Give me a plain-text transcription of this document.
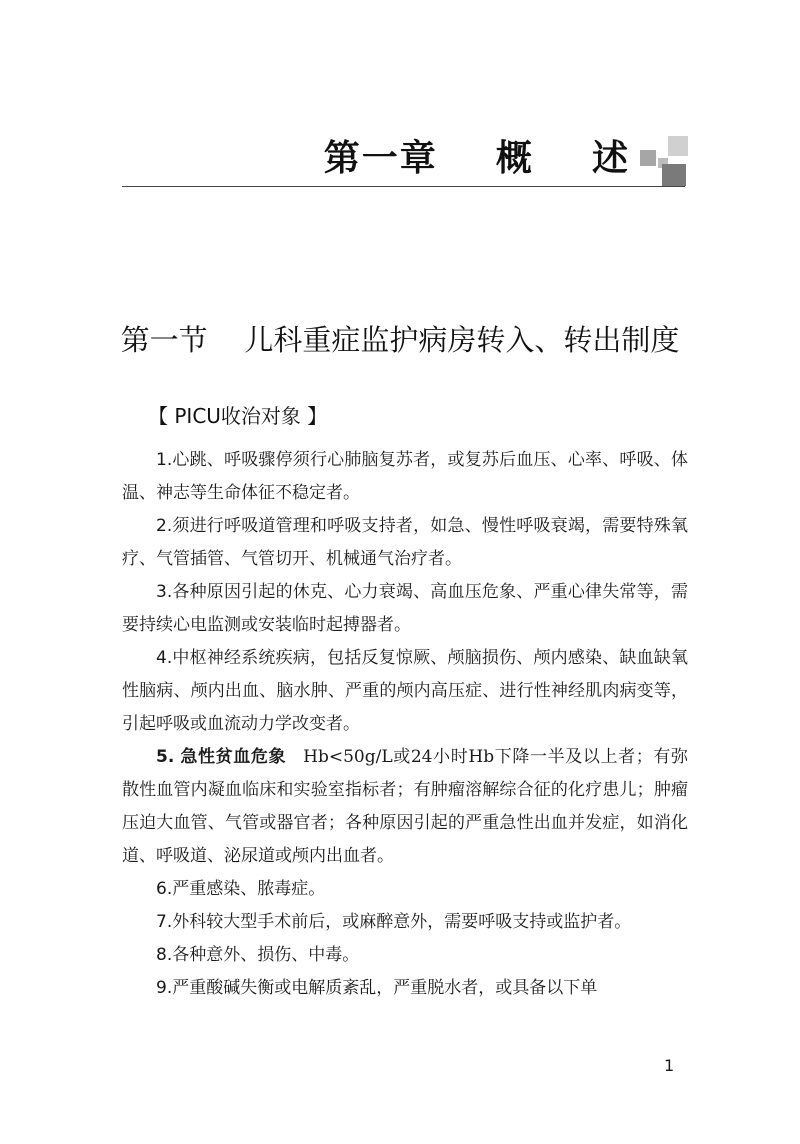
第一章    概    述
第一节    儿科重症监护病房转入、转出制度
【 PICU收治对象 】

1.心跳、呼吸骤停须行心肺脑复苏者，或复苏后血压、心率、呼吸、体温、神志等生命体征不稳定者。

2.须进行呼吸道管理和呼吸支持者，如急、慢性呼吸衰竭，需要特殊氧疗、气管插管、气管切开、机械通气治疗者。

3.各种原因引起的休克、心力衰竭、高血压危象、严重心律失常等，需要持续心电监测或安装临时起搏器者。

4.中枢神经系统疾病，包括反复惊厥、颅脑损伤、颅内感染、缺血缺氧性脑病、颅内出血、脑水肿、严重的颅内高压症、进行性神经肌肉病变等，引起呼吸或血流动力学改变者。

5. 急性贫血危象  Hb<50g/L或24小时Hb下降一半及以上者；有弥散性血管内凝血临床和实验室指标者；有肿瘤溶解综合征的化疗患儿；肿瘤压迫大血管、气管或器官者；各种原因引起的严重急性出血并发症，如消化道、呼吸道、泌尿道或颅内出血者。

6.严重感染、脓毒症。

7.外科较大型手术前后，或麻醉意外，需要呼吸支持或监护者。

8.各种意外、损伤、中毒。

9.严重酸碱失衡或电解质紊乱，严重脱水者，或具备以下单

1
